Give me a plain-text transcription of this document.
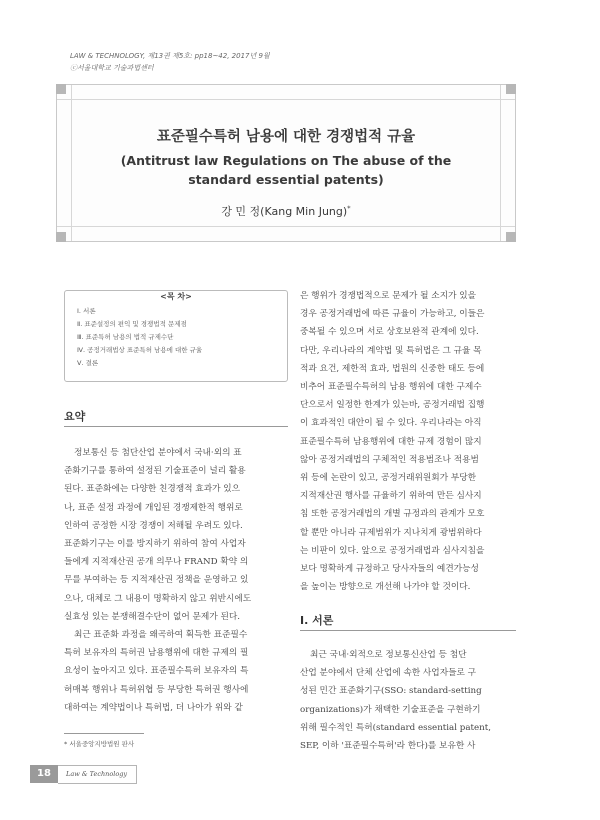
LAW & TECHNOLOGY, 제13권 제5호: pp18~42, 2017년 9월
ⓒ서울대학교 기술과법센터
표준필수특허 남용에 대한 경쟁법적 규율
(Antitrust law Regulations on The abuse of the
standard essential patents)
강 민 정(Kang Min Jung)*
<목 차>
Ⅰ. 서론
Ⅱ. 표준설정의 편익 및 경쟁법적 문제점
Ⅲ. 표준특허 남용의 법적 규제수단
Ⅳ. 공정거래법상 표준특허 남용에 대한 규율
Ⅴ. 결론
요약
정보통신 등 첨단산업 분야에서 국내·외의 표
준화기구를 통하여 설정된 기술표준이 널리 활용
된다. 표준화에는 다양한 친경쟁적 효과가 있으
나, 표준 설정 과정에 개입된 경쟁제한적 행위로
인하여 공정한 시장 경쟁이 저해될 우려도 있다.
표준화기구는 이를 방지하기 위하여 참여 사업자
들에게 지적재산권 공개 의무나 FRAND 확약 의
무를 부여하는 등 지적재산권 정책을 운영하고 있
으나, 대체로 그 내용이 명확하지 않고 위반시에도
실효성 있는 분쟁해결수단이 없어 문제가 된다.
최근 표준화 과정을 왜곡하여 획득한 표준필수
특허 보유자의 특허권 남용행위에 대한 규제의 필
요성이 높아지고 있다. 표준필수특허 보유자의 특
허매복 행위나 특허위협 등 부당한 특허권 행사에
대하여는 계약법이나 특허법, 더 나아가 위와 같
은 행위가 경쟁법적으로 문제가 될 소지가 있을
경우 공정거래법에 따른 규율이 가능하고, 이들은
중복될 수 있으며 서로 상호보완적 관계에 있다.
다만, 우리나라의 계약법 및 특허법은 그 규율 목
적과 요건, 제한적 효과, 법원의 신중한 태도 등에
비추어 표준필수특허의 남용 행위에 대한 구제수
단으로서 일정한 한계가 있는바, 공정거래법 집행
이 효과적인 대안이 될 수 있다. 우리나라는 아직
표준필수특허 남용행위에 대한 규제 경험이 많지
않아 공정거래법의 구체적인 적용범조나 적용범
위 등에 논란이 있고, 공정거래위원회가 부당한
지적재산권 행사를 규율하기 위하여 만든 심사지
침 또한 공정거래법의 개별 규정과의 관계가 모호
할 뿐만 아니라 규제범위가 지나치게 광범위하다
는 비판이 있다. 앞으로 공정거래법과 심사지침을
보다 명확하게 규정하고 당사자들의 예견가능성
을 높이는 방향으로 개선해 나가야 할 것이다.
Ⅰ. 서론
최근 국내·외적으로 정보통신산업 등 첨단
산업 분야에서 단체 산업에 속한 사업자들로 구
성된 민간 표준화기구(SSO: standard-setting
organizations)가 채택한 기술표준을 구현하기
위해 필수적인 특허(standard essential patent,
SEP, 이하 '표준필수특허'라 한다)를 보유한 사
* 서울중앙지방법원 판사
18	Law & Technology
